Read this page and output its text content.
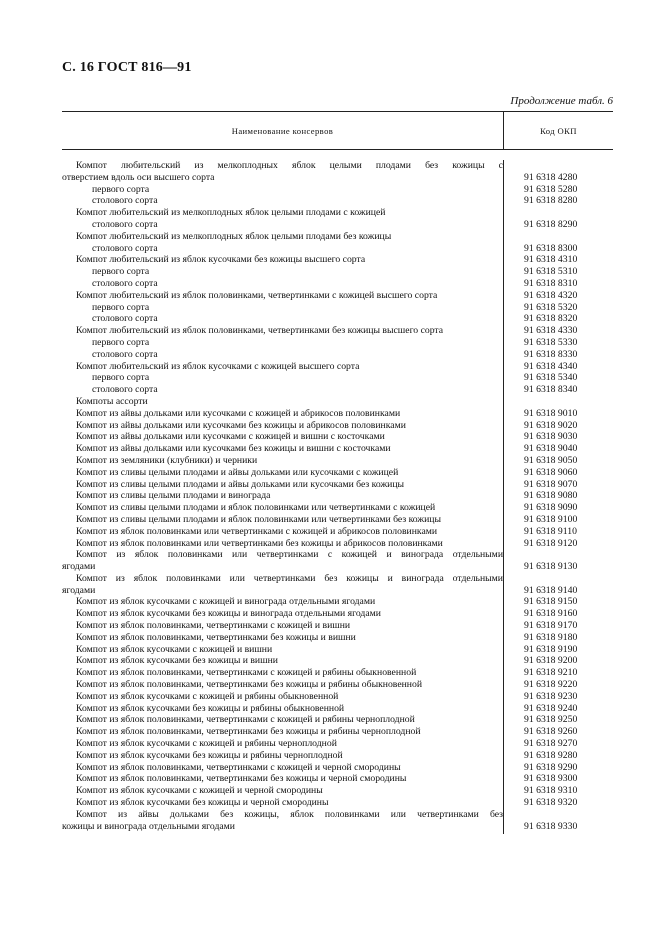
С. 16 ГОСТ 816—91
Продолжение табл. 6
Наименование консервов	Код ОКП
Компот любительский из мелкоплодных яблок целыми плодами без кожицы с
отверстием вдоль оси высшего сорта
первого сорта
столового сорта
Компот любительский из мелкоплодных яблок целыми плодами с кожицей
столового сорта
Компот любительский из мелкоплодных яблок целыми плодами без кожицы
столового сорта
Компот любительский из яблок кусочками без кожицы высшего сорта
первого сорта
столового сорта
Компот любительский из яблок половинками, четвертинками с кожицей высшего сорта
первого сорта
столового сорта
Компот любительский из яблок половинками, четвертинками без кожицы высшего сорта
первого сорта
столового сорта
Компот любительский из яблок кусочками с кожицей высшего сорта
первого сорта
столового сорта
Компоты ассорти
Компот из айвы дольками или кусочками с кожицей и абрикосов половинками
Компот из айвы дольками или кусочками без кожицы и абрикосов половинками
Компот из айвы дольками или кусочками с кожицей и вишни с косточками
Компот из айвы дольками или кусочками без кожицы и вишни с косточками
Компот из земляники (клубники) и черники
Компот из сливы целыми плодами и айвы дольками или кусочками с кожицей
Компот из сливы целыми плодами и айвы дольками или кусочками без кожицы
Компот из сливы целыми плодами и винограда
Компот из сливы целыми плодами и яблок половинками или четвертинками с кожицей
Компот из сливы целыми плодами и яблок половинками или четвертинками без кожицы
Компот из яблок половинками или четвертинками с кожицей и абрикосов половинками
Компот из яблок половинками или четвертинками без кожицы и абрикосов половинками
Компот из яблок половинками или четвертинками с кожицей и винограда отдельными
ягодами
Компот из яблок половинками или четвертинками без кожицы и винограда отдельными
ягодами
Компот из яблок кусочками с кожицей и винограда отдельными ягодами
Компот из яблок кусочками без кожицы и винограда отдельными ягодами
Компот из яблок половинками, четвертинками с кожицей и вишни
Компот из яблок половинками, четвертинками без кожицы и вишни
Компот из яблок кусочками с кожицей и вишни
Компот из яблок кусочками без кожицы и вишни
Компот из яблок половинками, четвертинками с кожицей и рябины обыкновенной
Компот из яблок половинками, четвертинками без кожицы и рябины обыкновенной
Компот из яблок кусочками с кожицей и рябины обыкновенной
Компот из яблок кусочками без кожицы и рябины обыкновенной
Компот из яблок половинками, четвертинками с кожицей и рябины черноплодной
Компот из яблок половинками, четвертинками без кожицы и рябины черноплодной
Компот из яблок кусочками с кожицей и рябины черноплодной
Компот из яблок кусочками без кожицы и рябины черноплодной
Компот из яблок половинками, четвертинками с кожицей и черной смородины
Компот из яблок половинками, четвертинками без кожицы и черной смородины
Компот из яблок кусочками с кожицей и черной смородины
Компот из яблок кусочками без кожицы и черной смородины
Компот из айвы дольками без кожицы, яблок половинками или четвертинками без
кожицы и винограда отдельными ягодами
91 6318 4280
91 6318 5280
91 6318 8280
91 6318 8290
91 6318 8300
91 6318 4310
91 6318 5310
91 6318 8310
91 6318 4320
91 6318 5320
91 6318 8320
91 6318 4330
91 6318 5330
91 6318 8330
91 6318 4340
91 6318 5340
91 6318 8340
91 6318 9010
91 6318 9020
91 6318 9030
91 6318 9040
91 6318 9050
91 6318 9060
91 6318 9070
91 6318 9080
91 6318 9090
91 6318 9100
91 6318 9110
91 6318 9120
91 6318 9130
91 6318 9140
91 6318 9150
91 6318 9160
91 6318 9170
91 6318 9180
91 6318 9190
91 6318 9200
91 6318 9210
91 6318 9220
91 6318 9230
91 6318 9240
91 6318 9250
91 6318 9260
91 6318 9270
91 6318 9280
91 6318 9290
91 6318 9300
91 6318 9310
91 6318 9320
91 6318 9330
